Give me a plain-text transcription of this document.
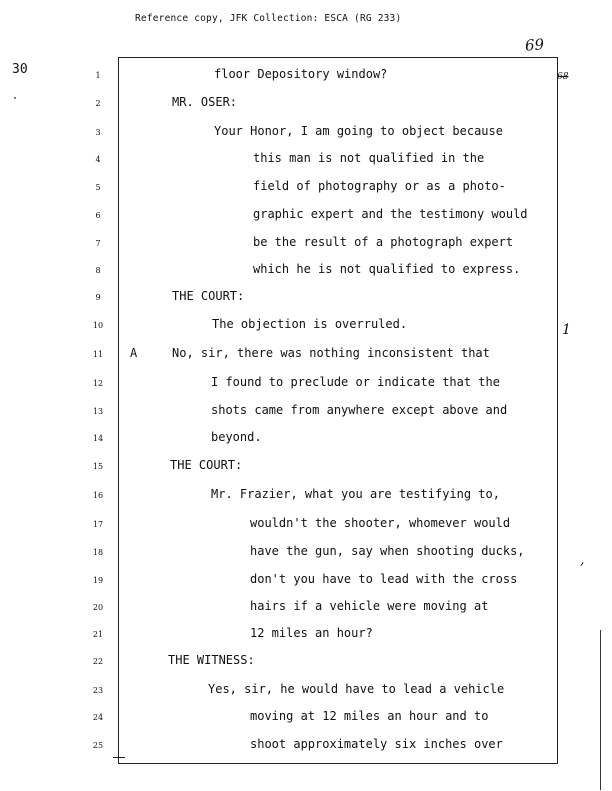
Reference copy, JFK Collection: ESCA (RG 233)
30
69
68
1
,
1	floor Depository window?
2	MR. OSER:
3	Your Honor, I am going to object because
4	this man is not qualified in the
5	field of photography or as a photo-
6	graphic expert and the testimony would
7	be the result of a photograph expert
8	which he is not qualified to express.
9	THE COURT:
10	The objection is overruled.
11	A	No, sir, there was nothing inconsistent that
12	I found to preclude or indicate that the
13	shots came from anywhere except above and
14	beyond.
15	THE COURT:
16	Mr. Frazier, what you are testifying to,
17	wouldn't the shooter, whomever would
18	have the gun, say when shooting ducks,
19	don't you have to lead with the cross
20	hairs if a vehicle were moving at
21	12 miles an hour?
22	THE WITNESS:
23	Yes, sir, he would have to lead a vehicle
24	moving at 12 miles an hour and to
25	shoot approximately six inches over
